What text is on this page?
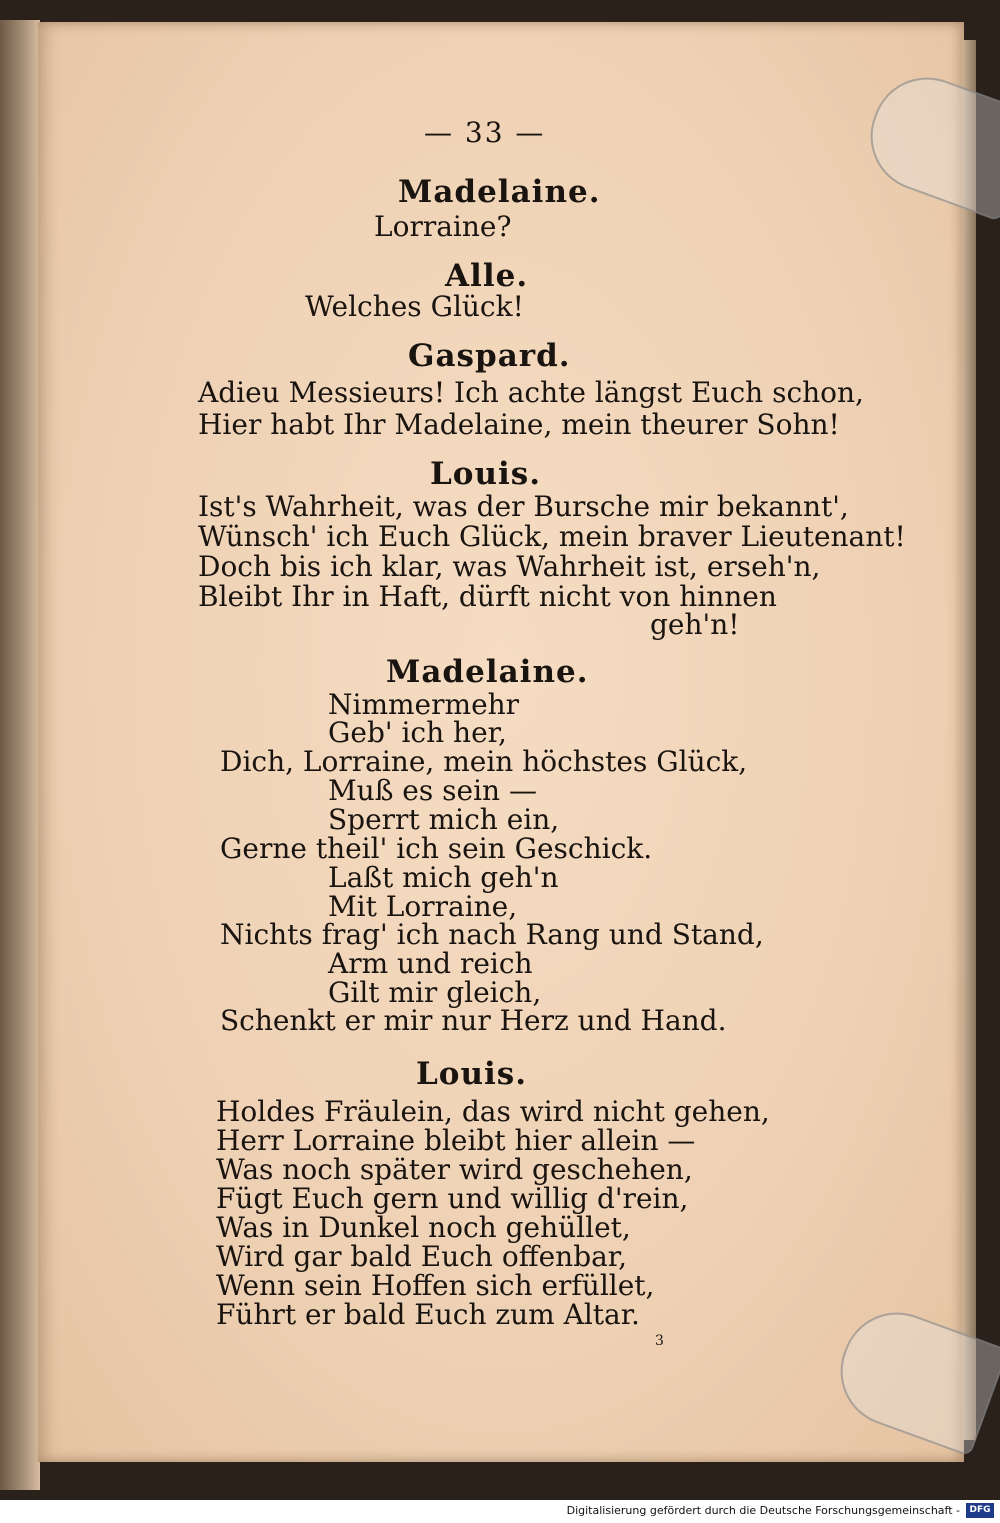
— 33 —
Madelaine.
Lorraine?
Alle.
Welches Glück!
Gaspard.
Adieu Messieurs! Ich achte längst Euch schon,
Hier habt Ihr Madelaine, mein theurer Sohn!
Louis.
Ist's Wahrheit, was der Bursche mir bekannt',
Wünsch' ich Euch Glück, mein braver Lieutenant!
Doch bis ich klar, was Wahrheit ist, erseh'n,
Bleibt Ihr in Haft, dürft nicht von hinnen
geh'n!
Madelaine.
Nimmermehr
Geb' ich her,
Dich, Lorraine, mein höchstes Glück,
Muß es sein —
Sperrt mich ein,
Gerne theil' ich sein Geschick.
Laßt mich geh'n
Mit Lorraine,
Nichts frag' ich nach Rang und Stand,
Arm und reich
Gilt mir gleich,
Schenkt er mir nur Herz und Hand.
Louis.
Holdes Fräulein, das wird nicht gehen,
Herr Lorraine bleibt hier allein —
Was noch später wird geschehen,
Fügt Euch gern und willig d'rein,
Was in Dunkel noch gehüllet,
Wird gar bald Euch offenbar,
Wenn sein Hoffen sich erfüllet,
Führt er bald Euch zum Altar.
3
Digitalisierung gefördert durch die Deutsche Forschungsgemeinschaft -	DFG
